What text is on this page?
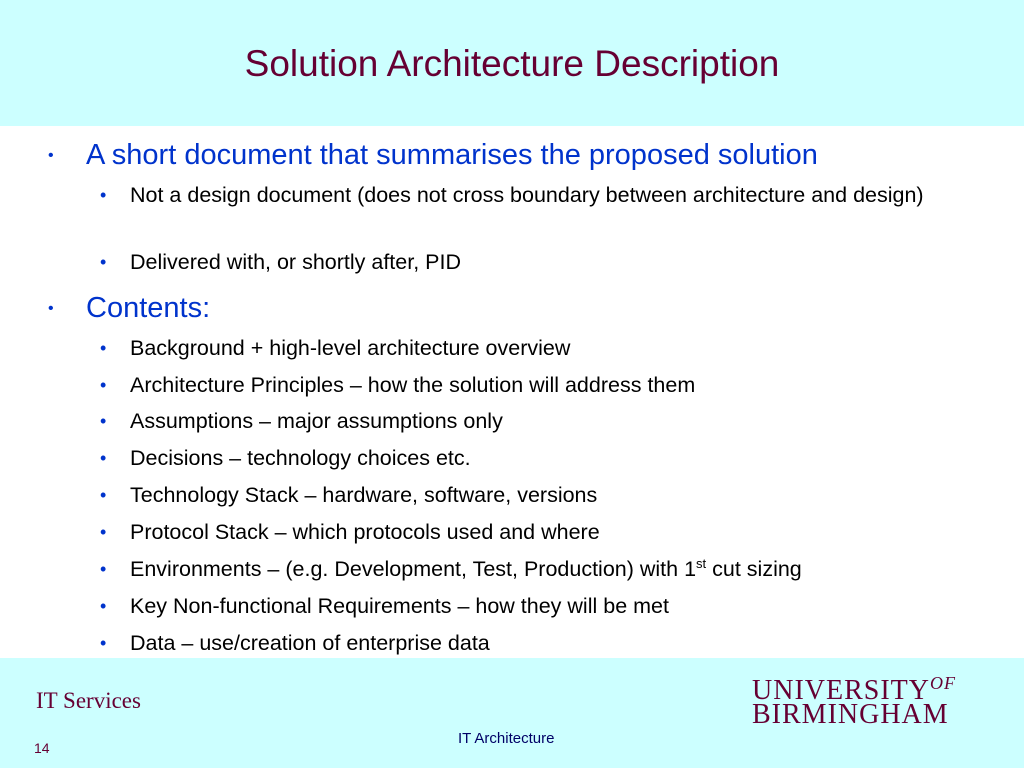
Solution Architecture Description
• A short document that summarises the proposed solution
• Not a design document (does not cross boundary between architecture and design)
• Delivered with, or shortly after, PID
• Contents:
• Background + high-level architecture overview
• Architecture Principles – how the solution will address them
• Assumptions – major assumptions only
• Decisions – technology choices etc.
• Technology Stack – hardware, software, versions
• Protocol Stack – which protocols used and where
• Environments – (e.g. Development, Test, Production) with 1st cut sizing
• Key Non-functional Requirements – how they will be met
• Data – use/creation of enterprise data
IT Services
14
IT Architecture
$UNIVERSITY^{OF}$
BIRMINGHAM
